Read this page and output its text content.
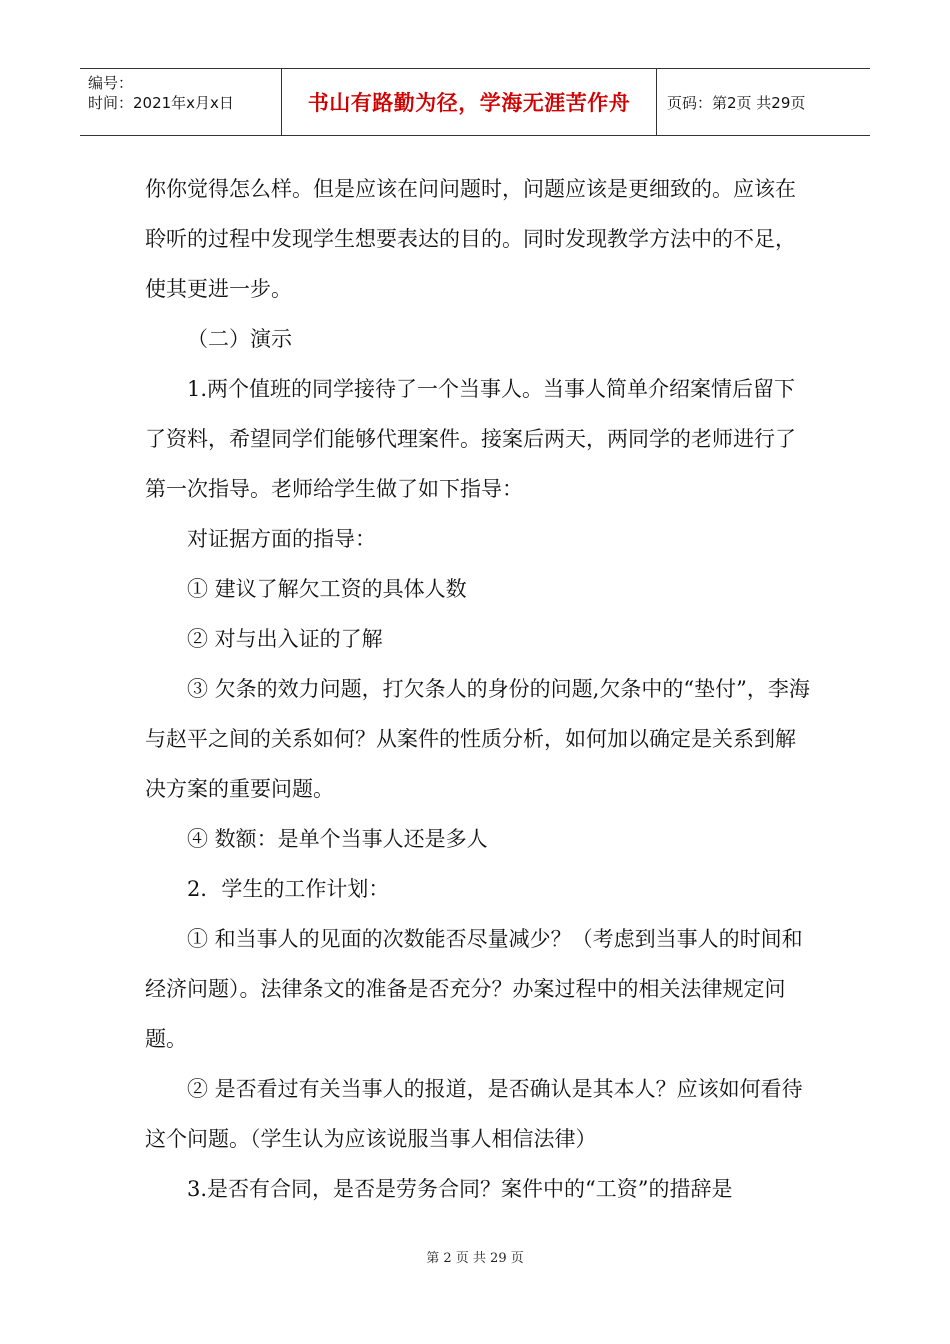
编号：
时间：2021年x月x日	书山有路勤为径，学海无涯苦作舟	页码：第2页 共29页

你你觉得怎么样。但是应该在问问题时，问题应该是更细致的。应该在聆听的过程中发现学生想要表达的目的。同时发现教学方法中的不足，使其更进一步。

（二）演示

1.两个值班的同学接待了一个当事人。当事人简单介绍案情后留下了资料，希望同学们能够代理案件。接案后两天，两同学的老师进行了第一次指导。老师给学生做了如下指导：

对证据方面的指导：

① 建议了解欠工资的具体人数

② 对与出入证的了解

③ 欠条的效力问题，打欠条人的身份的问题,欠条中的“垫付”，李海与赵平之间的关系如何？从案件的性质分析，如何加以确定是关系到解决方案的重要问题。

④ 数额：是单个当事人还是多人

2．学生的工作计划：

① 和当事人的见面的次数能否尽量减少？（考虑到当事人的时间和经济问题）。法律条文的准备是否充分？办案过程中的相关法律规定问题。

② 是否看过有关当事人的报道，是否确认是其本人？应该如何看待这个问题。（学生认为应该说服当事人相信法律）

3.是否有合同，是否是劳务合同？案件中的“工资”的措辞是

第 2 页 共 29 页
